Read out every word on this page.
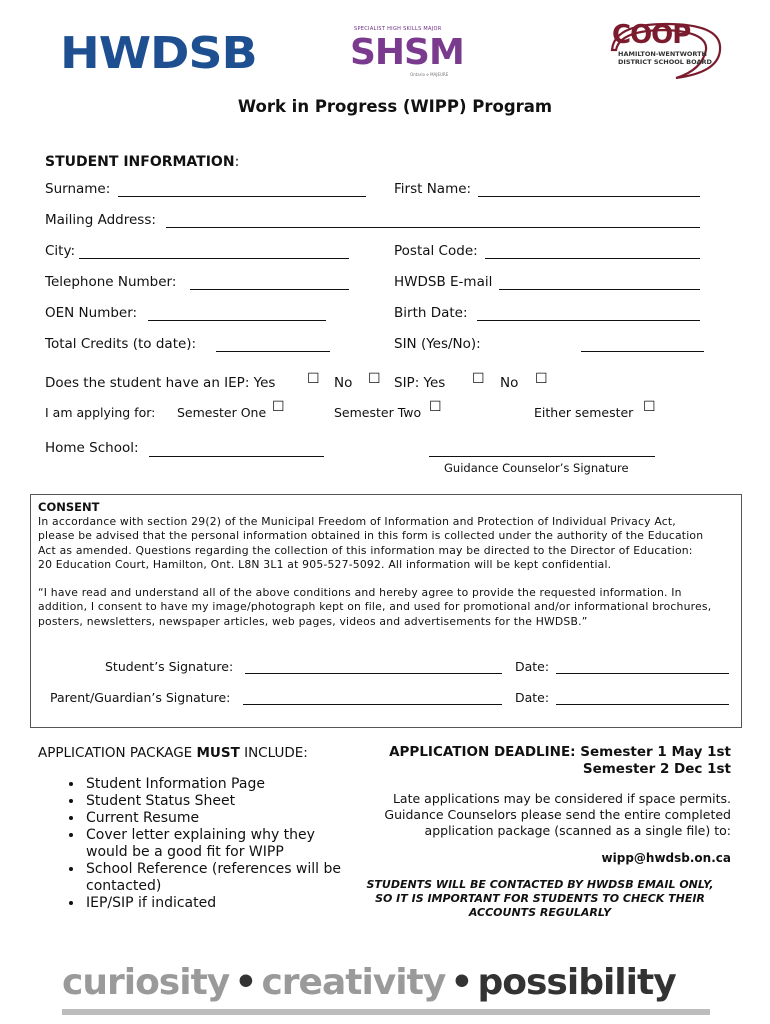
HWDSB	SPECIALIST HIGH SKILLS MAJOR
SHSM
Ontario ⟡ MAJEURE
COOP
HAMILTON-WENTWORTH
DISTRICT SCHOOL BOARD
Work in Progress (WIPP) Program
STUDENT INFORMATION:
Surname:	First Name:
Mailing Address:
City:	Postal Code:
Telephone Number:	HWDSB E-mail
OEN Number:	Birth Date:
Total Credits (to date):	SIN (Yes/No):
Does the student have an IEP: Yes ☐ No ☐ SIP: Yes ☐ No ☐
I am applying for: Semester One ☐	Semester Two ☐	Either semester ☐
Home School:
Guidance Counselor’s Signature
CONSENT
In accordance with section 29(2) of the Municipal Freedom of Information and Protection of Individual Privacy Act,
please be advised that the personal information obtained in this form is collected under the authority of the Education
Act as amended. Questions regarding the collection of this information may be directed to the Director of Education:
20 Education Court, Hamilton, Ont. L8N 3L1 at 905-527-5092. All information will be kept confidential.
“I have read and understand all of the above conditions and hereby agree to provide the requested information. In
addition, I consent to have my image/photograph kept on file, and used for promotional and/or informational brochures,
posters, newsletters, newspaper articles, web pages, videos and advertisements for the HWDSB.”
Student’s Signature:	Date:
Parent/Guardian’s Signature:	Date:
APPLICATION PACKAGE MUST INCLUDE:
• Student Information Page
• Student Status Sheet
• Current Resume
• Cover letter explaining why they would be a good fit for WIPP
• School Reference (references will be contacted)
• IEP/SIP if indicated
APPLICATION DEADLINE: Semester 1 May 1st
Semester 2 Dec 1st
Late applications may be considered if space permits.
Guidance Counselors please send the entire completed
application package (scanned as a single file) to:
wipp@hwdsb.on.ca
STUDENTS WILL BE CONTACTED BY HWDSB EMAIL ONLY,
SO IT IS IMPORTANT FOR STUDENTS TO CHECK THEIR
ACCOUNTS REGULARLY
curiosity • creativity • possibility
